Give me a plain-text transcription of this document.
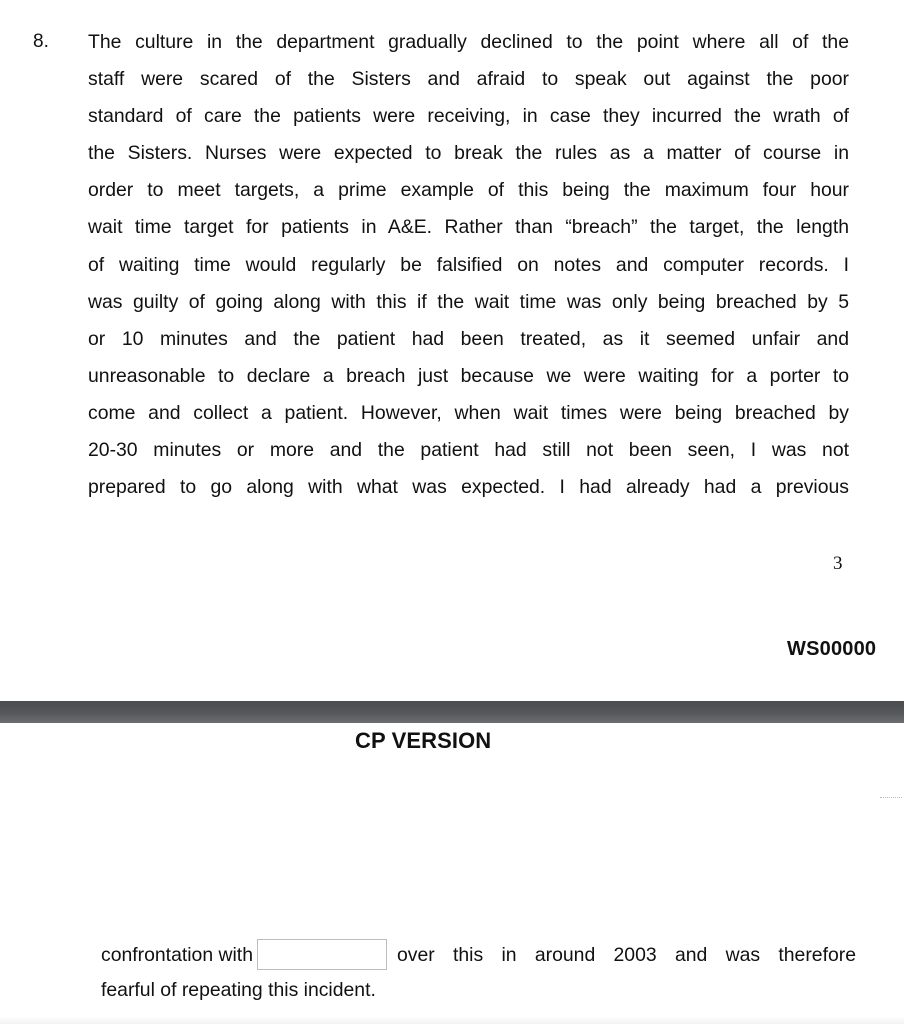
8. The culture in the department gradually declined to the point where all of the
staff were scared of the Sisters and afraid to speak out against the poor
standard of care the patients were receiving, in case they incurred the wrath of
the Sisters. Nurses were expected to break the rules as a matter of course in
order to meet targets, a prime example of this being the maximum four hour
wait time target for patients in A&E. Rather than “breach” the target, the length
of waiting time would regularly be falsified on notes and computer records. I
was guilty of going along with this if the wait time was only being breached by 5
or 10 minutes and the patient had been treated, as it seemed unfair and
unreasonable to declare a breach just because we were waiting for a porter to
come and collect a patient. However, when wait times were being breached by
20-30 minutes or more and the patient had still not been seen, I was not
prepared to go along with what was expected. I had already had a previous
3
WS00000
CP VERSION
confrontation with	over this in around 2003 and was therefore
fearful of repeating this incident.
